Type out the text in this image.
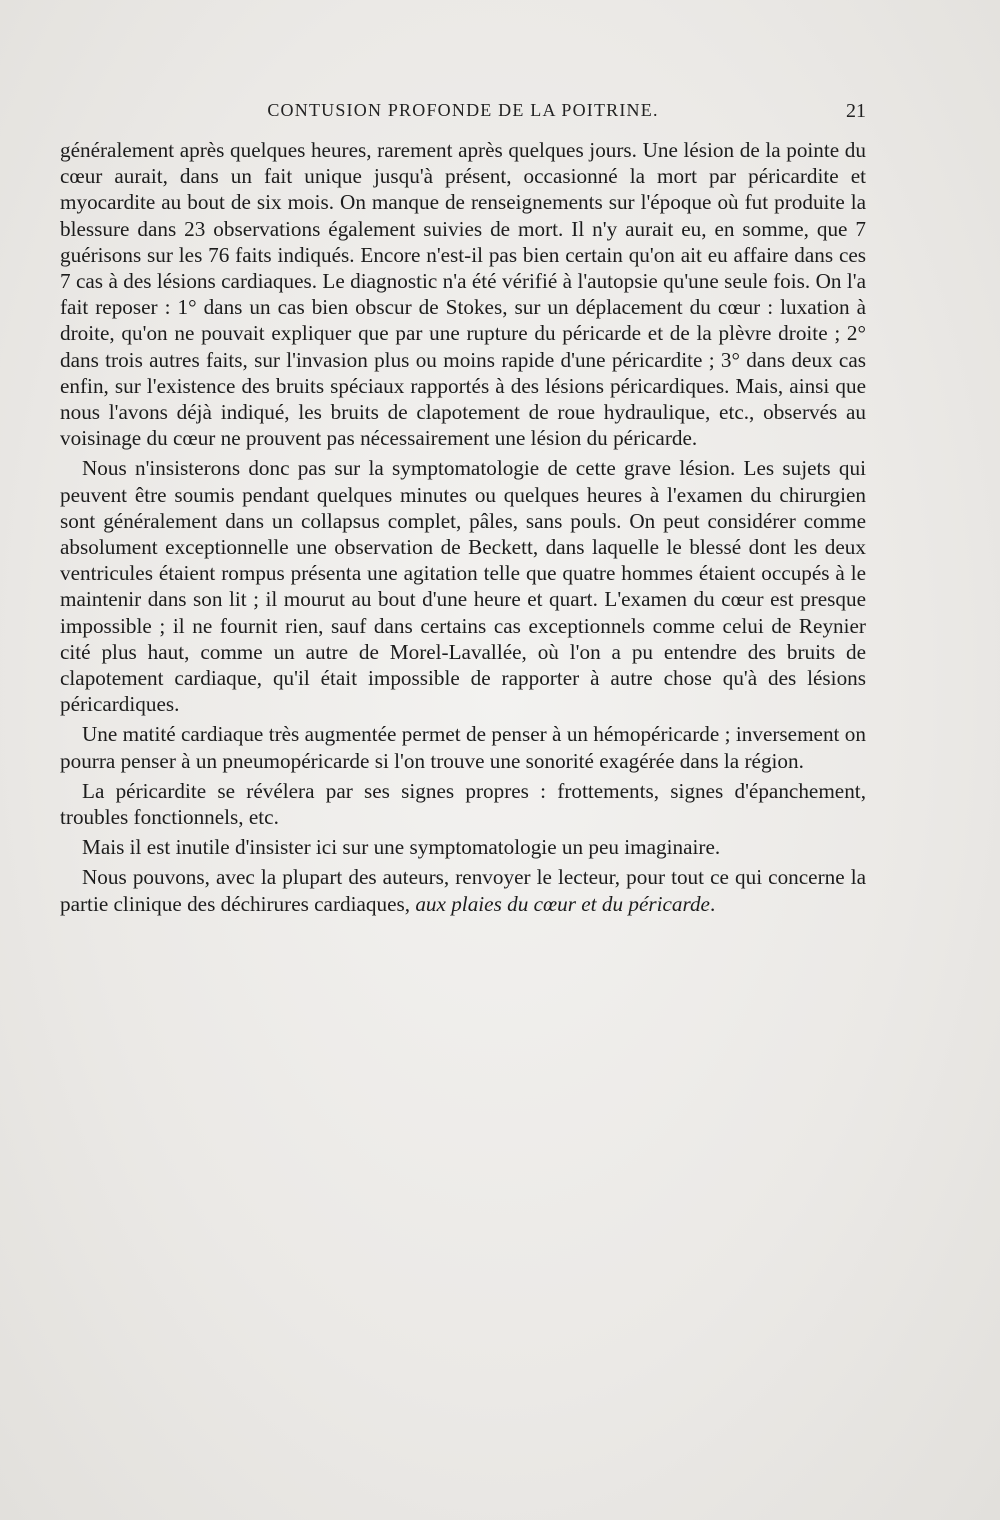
CONTUSION PROFONDE DE LA POITRINE.	21

généralement après quelques heures, rarement après quelques jours. Une lésion de la pointe du cœur aurait, dans un fait unique jusqu'à présent, occasionné la mort par péricardite et myocardite au bout de six mois. On manque de renseignements sur l'époque où fut produite la blessure dans 23 observations également suivies de mort. Il n'y aurait eu, en somme, que 7 guérisons sur les 76 faits indiqués. Encore n'est-il pas bien certain qu'on ait eu affaire dans ces 7 cas à des lésions cardiaques. Le diagnostic n'a été vérifié à l'autopsie qu'une seule fois. On l'a fait reposer : 1° dans un cas bien obscur de Stokes, sur un déplacement du cœur : luxation à droite, qu'on ne pouvait expliquer que par une rupture du péricarde et de la plèvre droite ; 2° dans trois autres faits, sur l'invasion plus ou moins rapide d'une péricardite ; 3° dans deux cas enfin, sur l'existence des bruits spéciaux rapportés à des lésions péricardiques. Mais, ainsi que nous l'avons déjà indiqué, les bruits de clapotement de roue hydraulique, etc., observés au voisinage du cœur ne prouvent pas nécessairement une lésion du péricarde.

Nous n'insisterons donc pas sur la symptomatologie de cette grave lésion. Les sujets qui peuvent être soumis pendant quelques minutes ou quelques heures à l'examen du chirurgien sont généralement dans un collapsus complet, pâles, sans pouls. On peut considérer comme absolument exceptionnelle une observation de Beckett, dans laquelle le blessé dont les deux ventricules étaient rompus présenta une agitation telle que quatre hommes étaient occupés à le maintenir dans son lit ; il mourut au bout d'une heure et quart. L'examen du cœur est presque impossible ; il ne fournit rien, sauf dans certains cas exceptionnels comme celui de Reynier cité plus haut, comme un autre de Morel-Lavallée, où l'on a pu entendre des bruits de clapotement cardiaque, qu'il était impossible de rapporter à autre chose qu'à des lésions péricardiques.

Une matité cardiaque très augmentée permet de penser à un hémopéricarde ; inversement on pourra penser à un pneumopéricarde si l'on trouve une sonorité exagérée dans la région.

La péricardite se révélera par ses signes propres : frottements, signes d'épanchement, troubles fonctionnels, etc.

Mais il est inutile d'insister ici sur une symptomatologie un peu imaginaire.

Nous pouvons, avec la plupart des auteurs, renvoyer le lecteur, pour tout ce qui concerne la partie clinique des déchirures cardiaques, aux plaies du cœur et du péricarde.
